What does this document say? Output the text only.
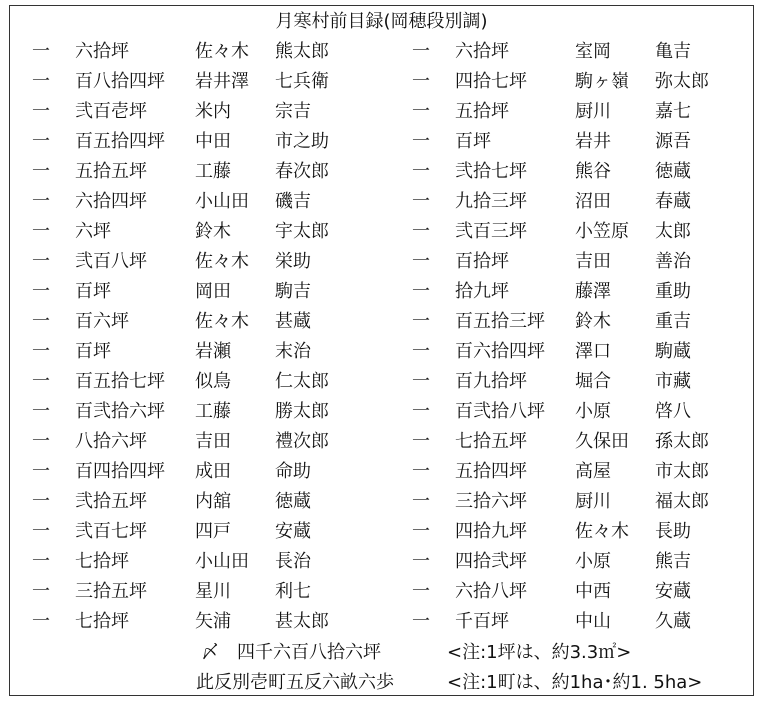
月寒村前目録(岡穂段別調)
一	六拾坪	佐々木 熊太郎
一	百八拾四坪 岩井澤 七兵衛
一	弐百壱坪	米内 宗吉
一	百五拾四坪 中田 市之助
一	五拾五坪	工藤 春次郎
一	六拾四坪	小山田 磯吉
一	六坪	鈴木 宇太郎
一	弐百八坪	佐々木 栄助
一	百坪	岡田 駒吉
一	百六坪	佐々木 甚蔵
一	百坪	岩瀬 末治
一	百五拾七坪 似鳥 仁太郎
一	百弐拾六坪 工藤 勝太郎
一	八拾六坪	吉田 禮次郎
一	百四拾四坪 成田 命助
一	弐拾五坪	内舘 徳蔵
一	弐百七坪	四戸 安蔵
一	七拾坪	小山田 長治
一	三拾五坪	星川 利七
一	七拾坪	矢浦 甚太郎
一	六拾坪	室岡 亀吉
一	四拾七坪	駒ヶ嶺 弥太郎
一	五拾坪	厨川 嘉七
一	百坪	岩井 源吾
一	弐拾七坪	熊谷 徳蔵
一	九拾三坪	沼田 春蔵
一	弐百三坪	小笠原 太郎
一	百拾坪	吉田 善治
一	拾九坪	藤澤 重助
一	百五拾三坪 鈴木 重吉
一	百六拾四坪 澤口 駒蔵
一	百九拾坪	堀合 市藏
一	百弐拾八坪 小原 啓八
一	七拾五坪	久保田 孫太郎
一	五拾四坪	高屋 市太郎
一	三拾六坪	厨川 福太郎
一	四拾九坪	佐々木 長助
一	四拾弐坪	小原 熊吉
一	六拾八坪	中西 安蔵
一	千百坪	中山 久蔵
〆 四千六百八拾六坪	<注:1坪は、約3.3㎡>
此反別壱町五反六畝六歩	<注:1町は、約1ha･約1. 5ha>
